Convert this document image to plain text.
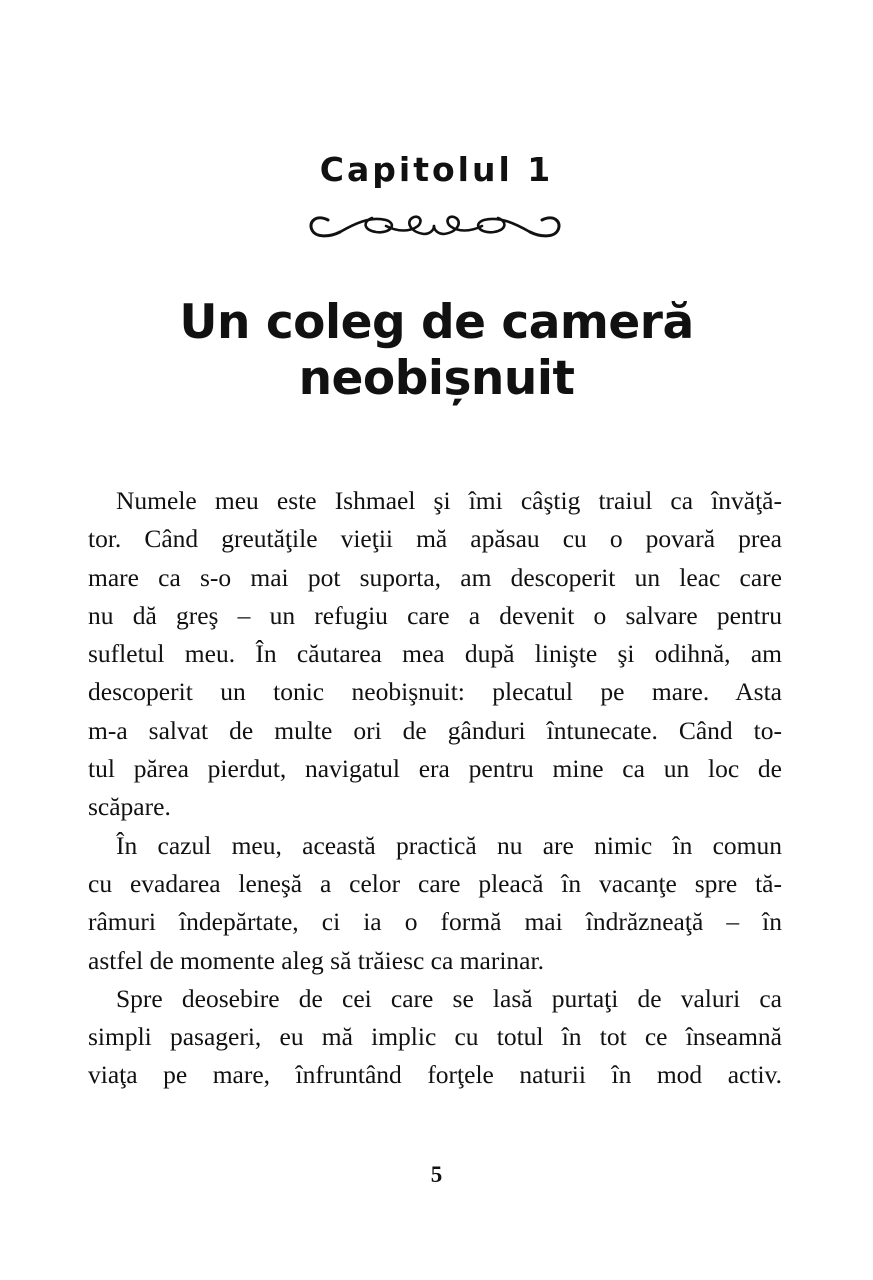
Capitolul 1
Un coleg de cameră
neobișnuit

Numele meu este Ishmael şi îmi câştig traiul ca învăţă-
tor. Când greutăţile vieţii mă apăsau cu o povară prea
mare ca s-o mai pot suporta, am descoperit un leac care
nu dă greş – un refugiu care a devenit o salvare pentru
sufletul meu. În căutarea mea după linişte şi odihnă, am
descoperit un tonic neobişnuit: plecatul pe mare. Asta
m-a salvat de multe ori de gânduri întunecate. Când to-
tul părea pierdut, navigatul era pentru mine ca un loc de
scăpare.

În cazul meu, această practică nu are nimic în comun
cu evadarea leneşă a celor care pleacă în vacanţe spre tă-
râmuri îndepărtate, ci ia o formă mai îndrăzneaţă – în
astfel de momente aleg să trăiesc ca marinar.

Spre deosebire de cei care se lasă purtaţi de valuri ca
simpli pasageri, eu mă implic cu totul în tot ce înseamnă
viaţa pe mare, înfruntând forţele naturii în mod activ.

5
